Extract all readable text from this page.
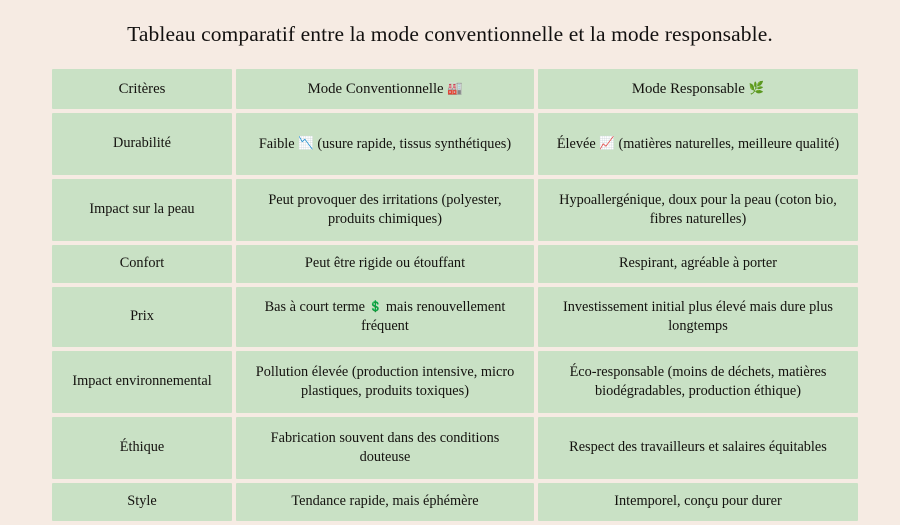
Tableau comparatif entre la mode conventionnelle et la mode responsable.
Critères	Mode Conventionnelle 🏭	Mode Responsable 🌿
Durabilité	Faible 📉 (usure rapide, tissus synthétiques)	Élevée 📈 (matières naturelles, meilleure qualité)
Impact sur la peau	Peut provoquer des irritations (polyester, produits chimiques)	Hypoallergénique, doux pour la peau (coton bio, fibres naturelles)
Confort	Peut être rigide ou étouffant	Respirant, agréable à porter
Prix	Bas à court terme 💲 mais renouvellement fréquent	Investissement initial plus élevé mais dure plus longtemps
Impact environnemental	Pollution élevée (production intensive, micro plastiques, produits toxiques)	Éco-responsable (moins de déchets, matières biodégradables, production éthique)
Éthique	Fabrication souvent dans des conditions douteuse	Respect des travailleurs et salaires équitables
Style	Tendance rapide, mais éphémère	Intemporel, conçu pour durer
